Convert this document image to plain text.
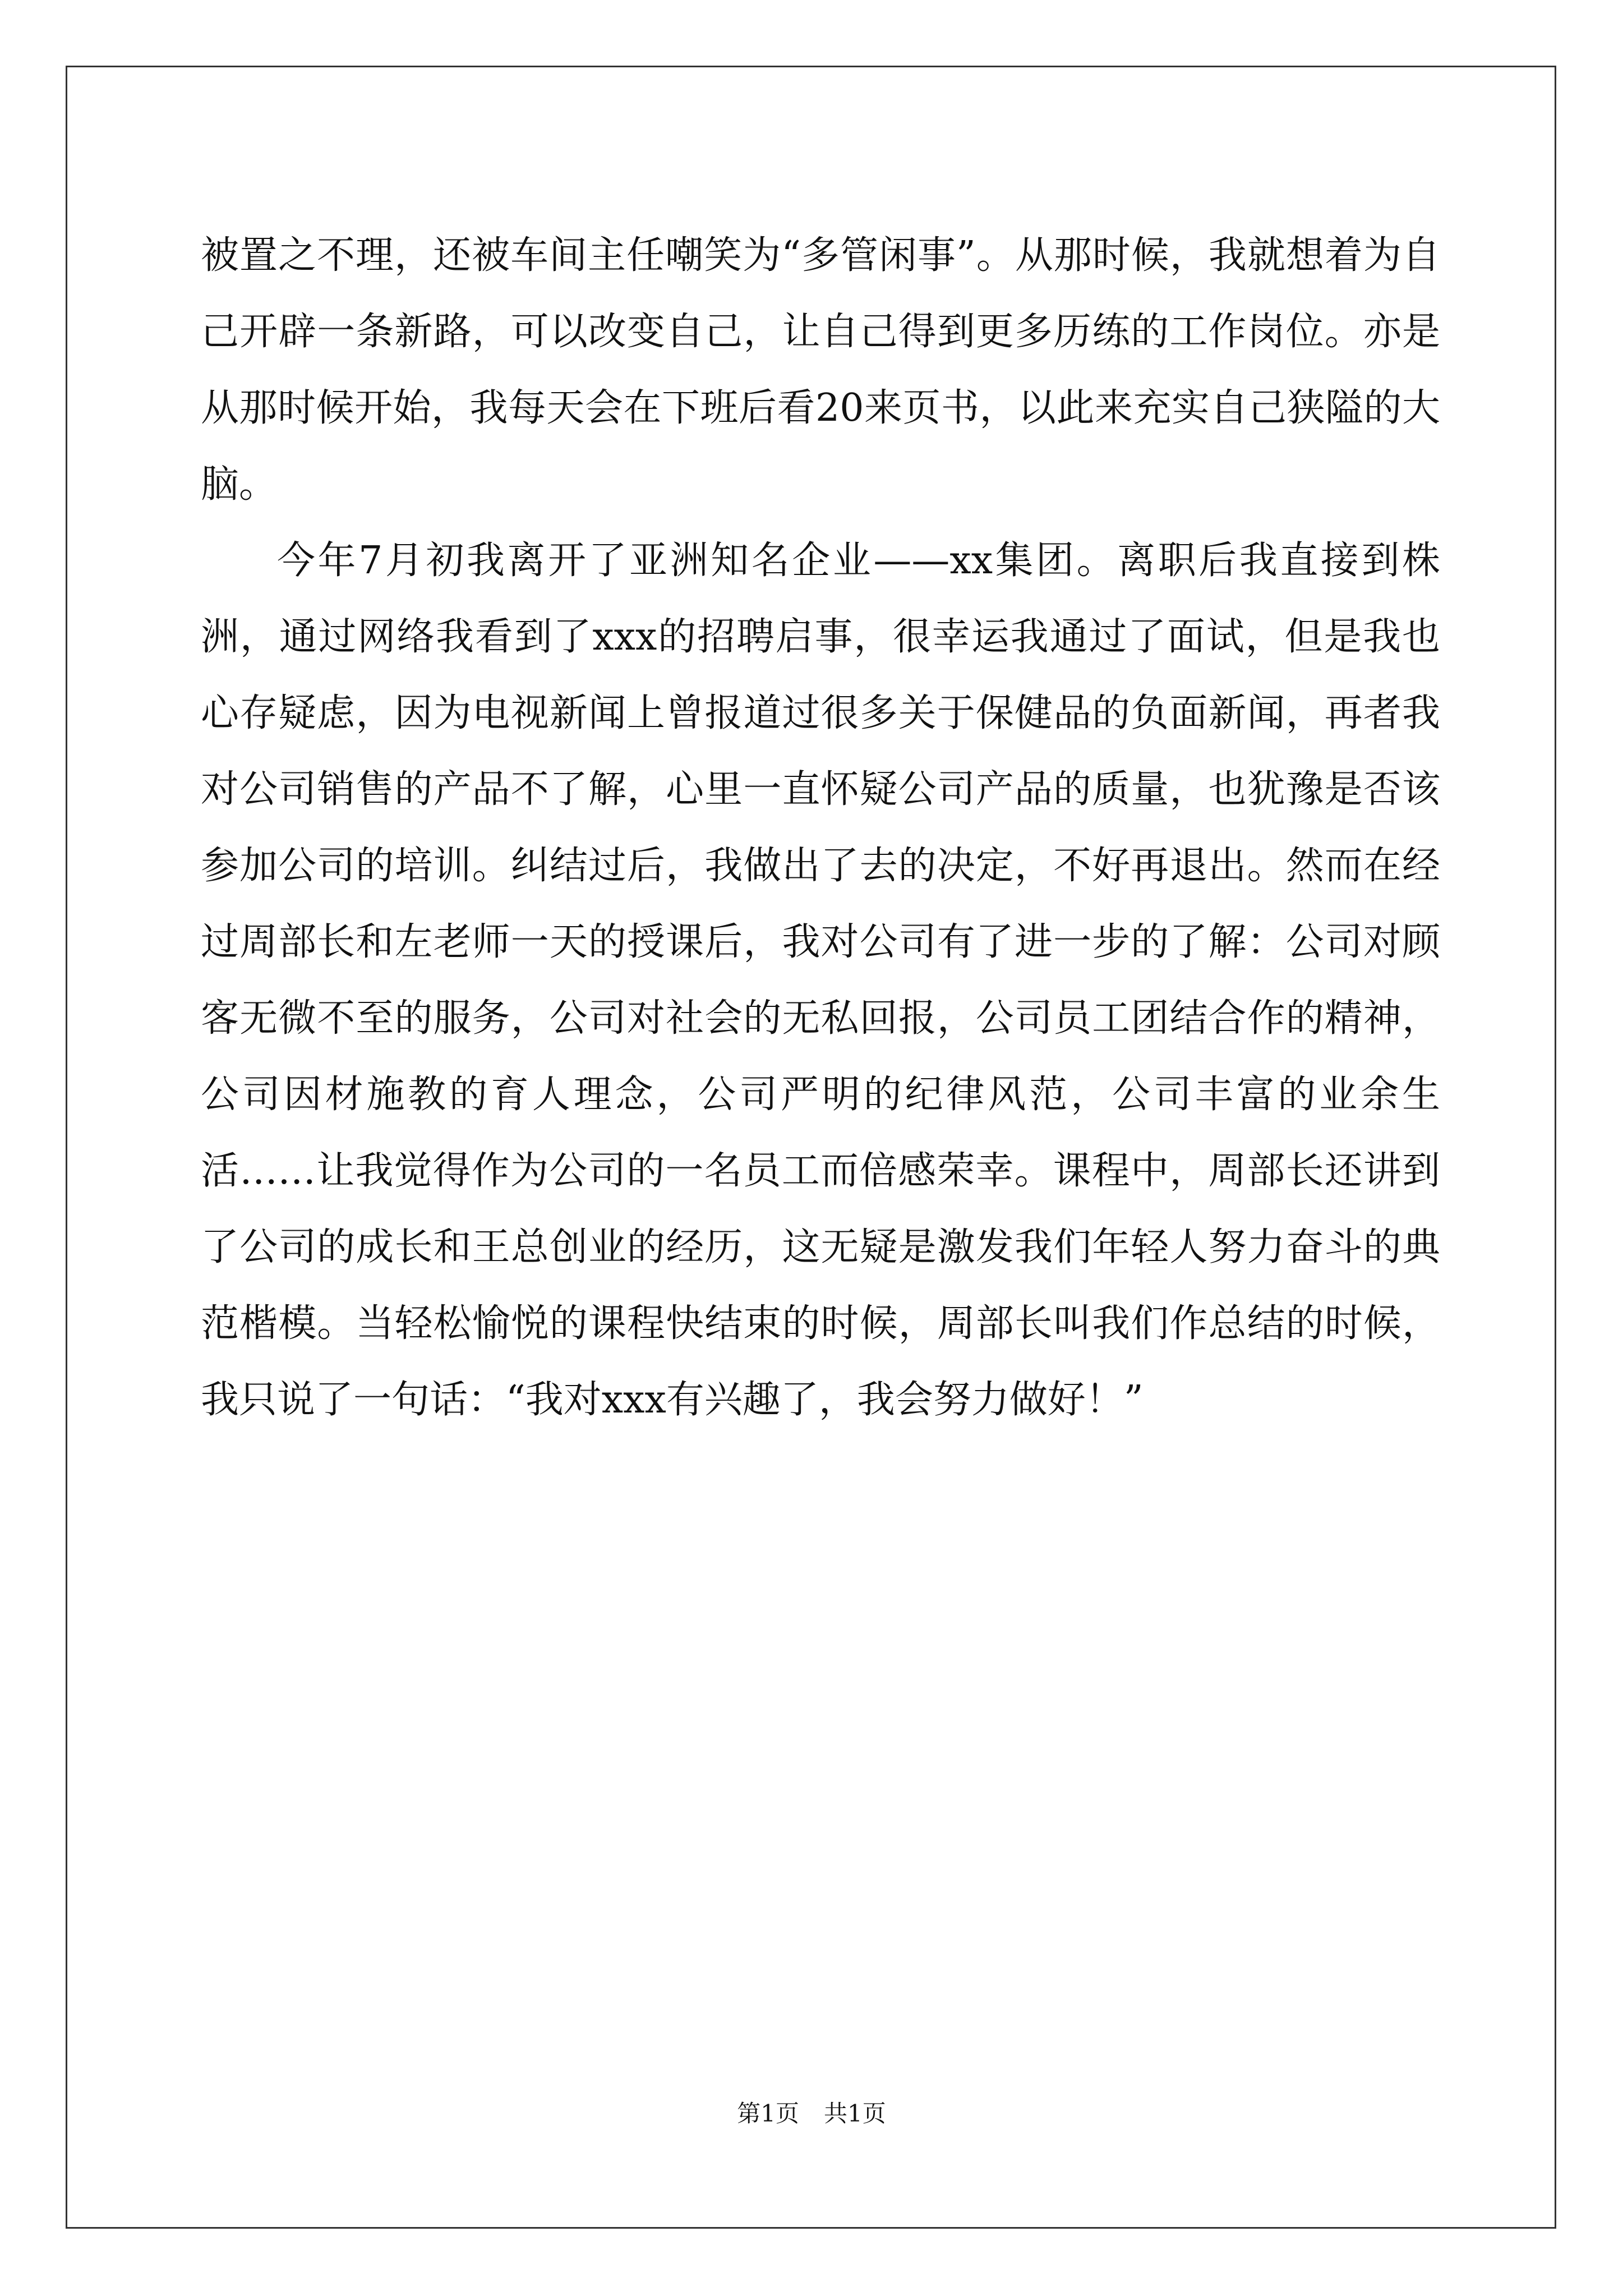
被置之不理，还被车间主任嘲笑为“多管闲事”。从那时候，我就想着为自己开辟一条新路，可以改变自己，让自己得到更多历练的工作岗位。亦是从那时候开始，我每天会在下班后看20来页书，以此来充实自己狭隘的大脑。

今年7月初我离开了亚洲知名企业——xx集团。离职后我直接到株洲，通过网络我看到了xxx的招聘启事，很幸运我通过了面试，但是我也心存疑虑，因为电视新闻上曾报道过很多关于保健品的负面新闻，再者我对公司销售的产品不了解，心里一直怀疑公司产品的质量，也犹豫是否该参加公司的培训。纠结过后，我做出了去的决定，不好再退出。然而在经过周部长和左老师一天的授课后，我对公司有了进一步的了解：公司对顾客无微不至的服务，公司对社会的无私回报，公司员工团结合作的精神，公司因材施教的育人理念，公司严明的纪律风范，公司丰富的业余生活……让我觉得作为公司的一名员工而倍感荣幸。课程中，周部长还讲到了公司的成长和王总创业的经历，这无疑是激发我们年轻人努力奋斗的典范楷模。当轻松愉悦的课程快结束的时候，周部长叫我们作总结的时候，我只说了一句话：“我对xxx有兴趣了，我会努力做好！”

第1页 共1页
